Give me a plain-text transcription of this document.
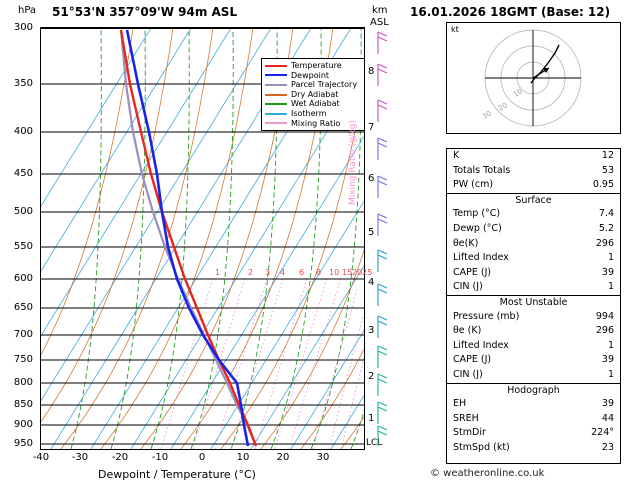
hPa 51°53'N 357°09'W 94m ASL	km
ASL
300
350
400
450
500
550
600
650
700
750
800
850
900
950
8
7
6
5
4
3
2
1
-40	-30	-20	-10	0	10	20	30
Dewpoint / Temperature (°C)
Temperature
Dewpoint
Parcel Trajectory
Dry Adiabat
Wet Adiabat
Isotherm
Mixing Ratio
1	2 3 4 6 8 10 15 20 25
Mixing Ratio (g/kg)
LCL
16.01.2026 18GMT (Base: 12)
kt
10
20
30
K	12
Totals Totals	53
PW (cm)	0.95
Surface
Temp (°C)	7.4
Dewp (°C)	5.2
θe(K)	296
Lifted Index	1
CAPE (J)	39
CIN (J)	1
Most Unstable
Pressure (mb)	994
θe (K)	296
Lifted Index	1
CAPE (J)	39
CIN (J)	1
Hodograph
EH	39
SREH	44
StmDir	224°
StmSpd (kt)	23
© weatheronline.co.uk
